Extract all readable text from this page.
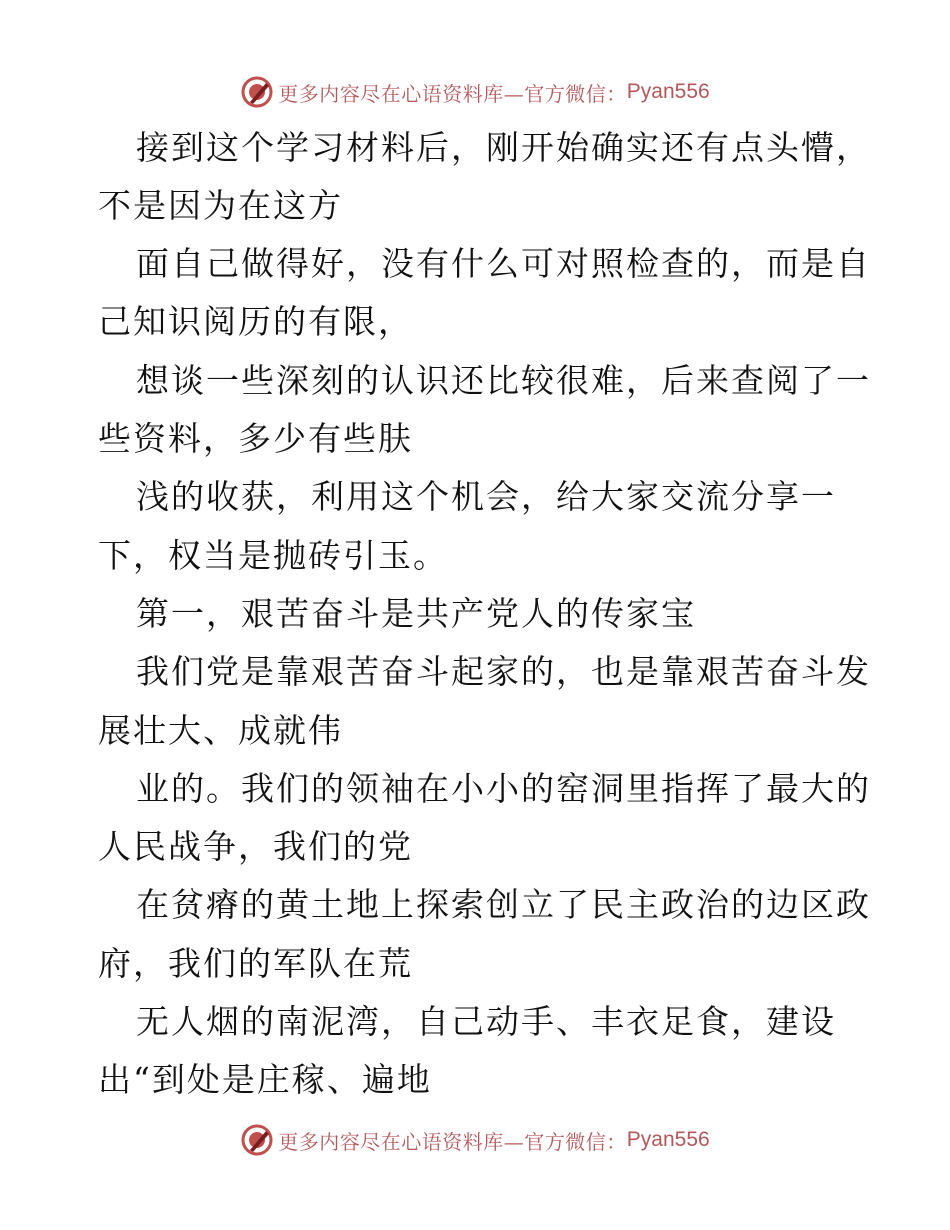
更多内容尽在心语资料库—官方微信： Pyan556
接到这个学习材料后，刚开始确实还有点头懵，
不是因为在这方
面自己做得好，没有什么可对照检查的，而是自
己知识阅历的有限，
想谈一些深刻的认识还比较很难，后来查阅了一
些资料，多少有些肤
浅的收获，利用这个机会，给大家交流分享一
下，权当是抛砖引玉。
第一，艰苦奋斗是共产党人的传家宝
我们党是靠艰苦奋斗起家的，也是靠艰苦奋斗发
展壮大、成就伟
业的。我们的领袖在小小的窑洞里指挥了最大的
人民战争，我们的党
在贫瘠的黄土地上探索创立了民主政治的边区政
府，我们的军队在荒
无人烟的南泥湾，自己动手、丰衣足食，建设
出“到处是庄稼、遍地
更多内容尽在心语资料库—官方微信： Pyan556
